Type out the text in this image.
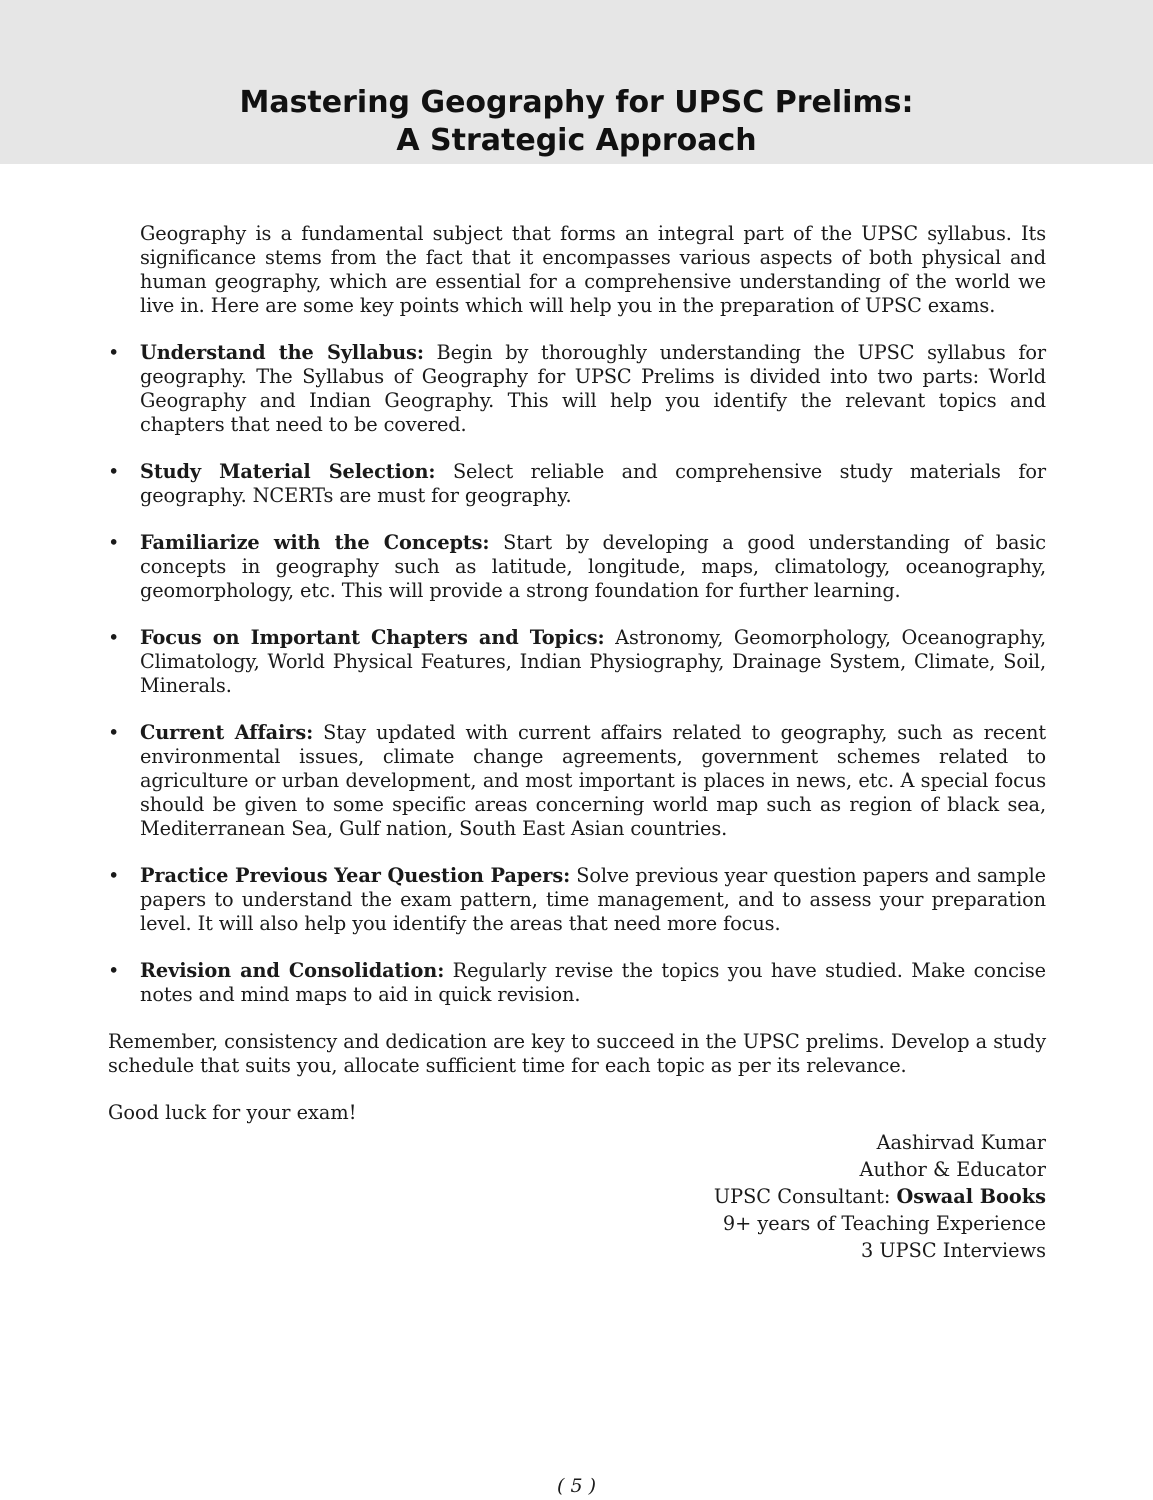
Mastering Geography for UPSC Prelims:
A Strategic Approach

Geography is a fundamental subject that forms an integral part of the UPSC syllabus. Its significance stems from the fact that it encompasses various aspects of both physical and human geography, which are essential for a comprehensive understanding of the world we live in. Here are some key points which will help you in the preparation of UPSC exams.

•	Understand the Syllabus: Begin by thoroughly understanding the UPSC syllabus for geography. The Syllabus of Geography for UPSC Prelims is divided into two parts: World Geography and Indian Geography. This will help you identify the relevant topics and chapters that need to be covered.
•	Study Material Selection: Select reliable and comprehensive study materials for geography. NCERTs are must for geography.
•	Familiarize with the Concepts: Start by developing a good understanding of basic concepts in geography such as latitude, longitude, maps, climatology, oceanography, geomorphology, etc. This will provide a strong foundation for further learning.
•	Focus on Important Chapters and Topics: Astronomy, Geomorphology, Oceanography, Climatology, World Physical Features, Indian Physiography, Drainage System, Climate, Soil, Minerals.
•	Current Affairs: Stay updated with current affairs related to geography, such as recent environmental issues, climate change agreements, government schemes related to agriculture or urban development, and most important is places in news, etc. A special focus should be given to some specific areas concerning world map such as region of black sea, Mediterranean Sea, Gulf nation, South East Asian countries.
•	Practice Previous Year Question Papers: Solve previous year question papers and sample papers to understand the exam pattern, time management, and to assess your preparation level. It will also help you identify the areas that need more focus.
•	Revision and Consolidation: Regularly revise the topics you have studied. Make concise notes and mind maps to aid in quick revision.

Remember, consistency and dedication are key to succeed in the UPSC prelims. Develop a study schedule that suits you, allocate sufficient time for each topic as per its relevance.

Good luck for your exam!

Aashirvad Kumar
Author & Educator
UPSC Consultant: Oswaal Books
9+ years of Teaching Experience
3 UPSC Interviews
( 5 )
